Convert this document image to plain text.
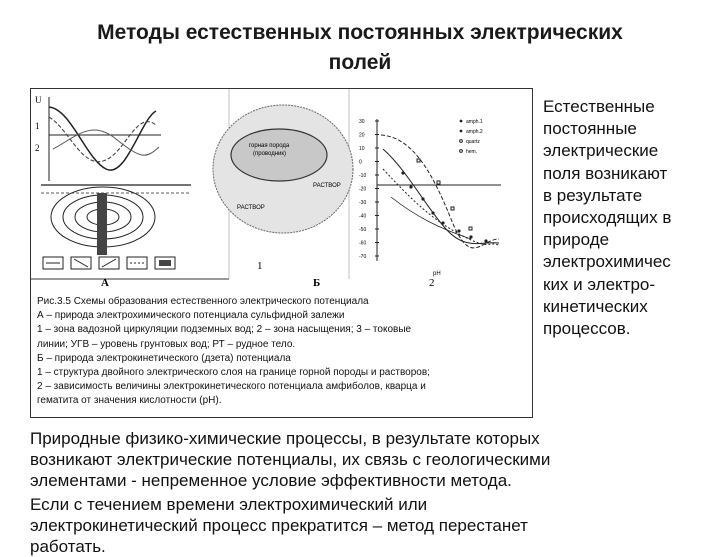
Методы естественных постоянных электрических
полей
U
1
2
А
горная порода
(проводник)
РАСТВОР
РАСТВОР
1
Б
30
20
10
0
-10
-20
-30
-40
-50
-60
-70
amph.1
amph.2
quartz
hem.
pH
2
Рис.3.5 Схемы образования естественного электрического потенциала
А – природа электрохимического потенциала сульфидной залежи
1 – зона вадозной циркуляции подземных вод; 2 – зона насыщения; 3 – токовые
линии; УГВ – уровень грунтовых вод; РТ – рудное тело.
Б – природа электрокинетического (дзета) потенциала
1 – структура двойного электрического слоя на границе горной породы и растворов;
2 – зависимость величины электрокинетического потенциала амфиболов, кварца и
гематита от значения кислотности (pH).
Естественные
постоянные
электрические
поля возникают
в результате
происходящих в
природе
электрохимичес
ких и электро-
кинетических
процессов.
Природные физико-химические процессы, в результате которых
возникают электрические потенциалы, их связь с геологическими
элементами - непременное условие эффективности метода.
Если с течением времени электрохимический или
электрокинетический процесс прекратится – метод перестанет
работать.
